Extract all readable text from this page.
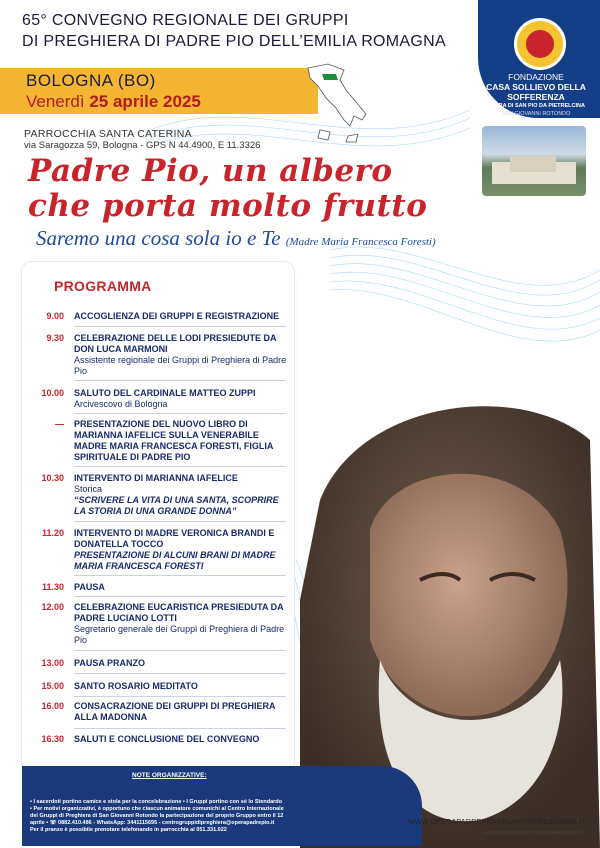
65° CONVEGNO REGIONALE DEI GRUPPI
DI PREGHIERA DI PADRE PIO DELL’EMILIA ROMAGNA
BOLOGNA (BO)
Venerdì 25 aprile 2025
PARROCCHIA SANTA CATERINA
via Saragozza 59, Bologna - GPS N 44.4900, E 11.3326
Padre Pio, un albero
che porta molto frutto
Saremo una cosa sola io e Te (Madre Maria Francesca Foresti)
FONDAZIONE
CASA SOLLIEVO DELLA
SOFFERENZA
OPERA DI SAN PIO DA PIETRELCINA
SAN GIOVANNI ROTONDO
PROGRAMMA
9.00 ACCOGLIENZA DEI GRUPPI E REGISTRAZIONE
9.30 CELEBRAZIONE DELLE LODI PRESIEDUTE DA DON LUCA MARMONI
Assistente regionale dei Gruppi di Preghiera di Padre Pio
10.00 SALUTO DEL CARDINALE MATTEO ZUPPI
Arcivescovo di Bologna
— PRESENTAZIONE DEL NUOVO LIBRO DI MARIANNA IAFELICE SULLA VENERABILE MADRE MARIA FRANCESCA FORESTI, FIGLIA SPIRITUALE DI PADRE PIO
10.30 INTERVENTO DI MARIANNA IAFELICE
Storica
“SCRIVERE LA VITA DI UNA SANTA, SCOPRIRE LA STORIA DI UNA GRANDE DONNA”
11.20 INTERVENTO DI MADRE VERONICA BRANDI E DONATELLA TOCCO
PRESENTAZIONE DI ALCUNI BRANI DI MADRE MARIA FRANCESCA FORESTI
11.30 PAUSA
12.00 CELEBRAZIONE EUCARISTICA PRESIEDUTA DA PADRE LUCIANO LOTTI
Segretario generale dei Gruppi di Preghiera di Padre Pio
13.00 PAUSA PRANZO
15.00 SANTO ROSARIO MEDITATO
16.00 CONSACRAZIONE DEI GRUPPI DI PREGHIERA ALLA MADONNA
16.30 SALUTI E CONCLUSIONE DEL CONVEGNO
NOTE ORGANIZZATIVE:
• I sacerdoti portino camice e stola per la concelebrazione • I Gruppi portino con sé lo Stendardo
• Per motivi organizzativi, è opportuno che ciascun animatore comunichi al Centro Internazionale
dei Gruppi di Preghiera di San Giovanni Rotondo la partecipazione del proprio Gruppo entro il 12
aprile • ☏ 0882.410.486 - WhatsApp: 3441115695 - centrogruppidipreghiera@operapadrepio.it
Per il pranzo è possibile prenotare telefonando in parrocchia al 051.331.022
WWW.OPERAPADREPIO/GRUPPIDIPREGHIERA.IT
centrogruppidipreghiera@operapadrepio.it
